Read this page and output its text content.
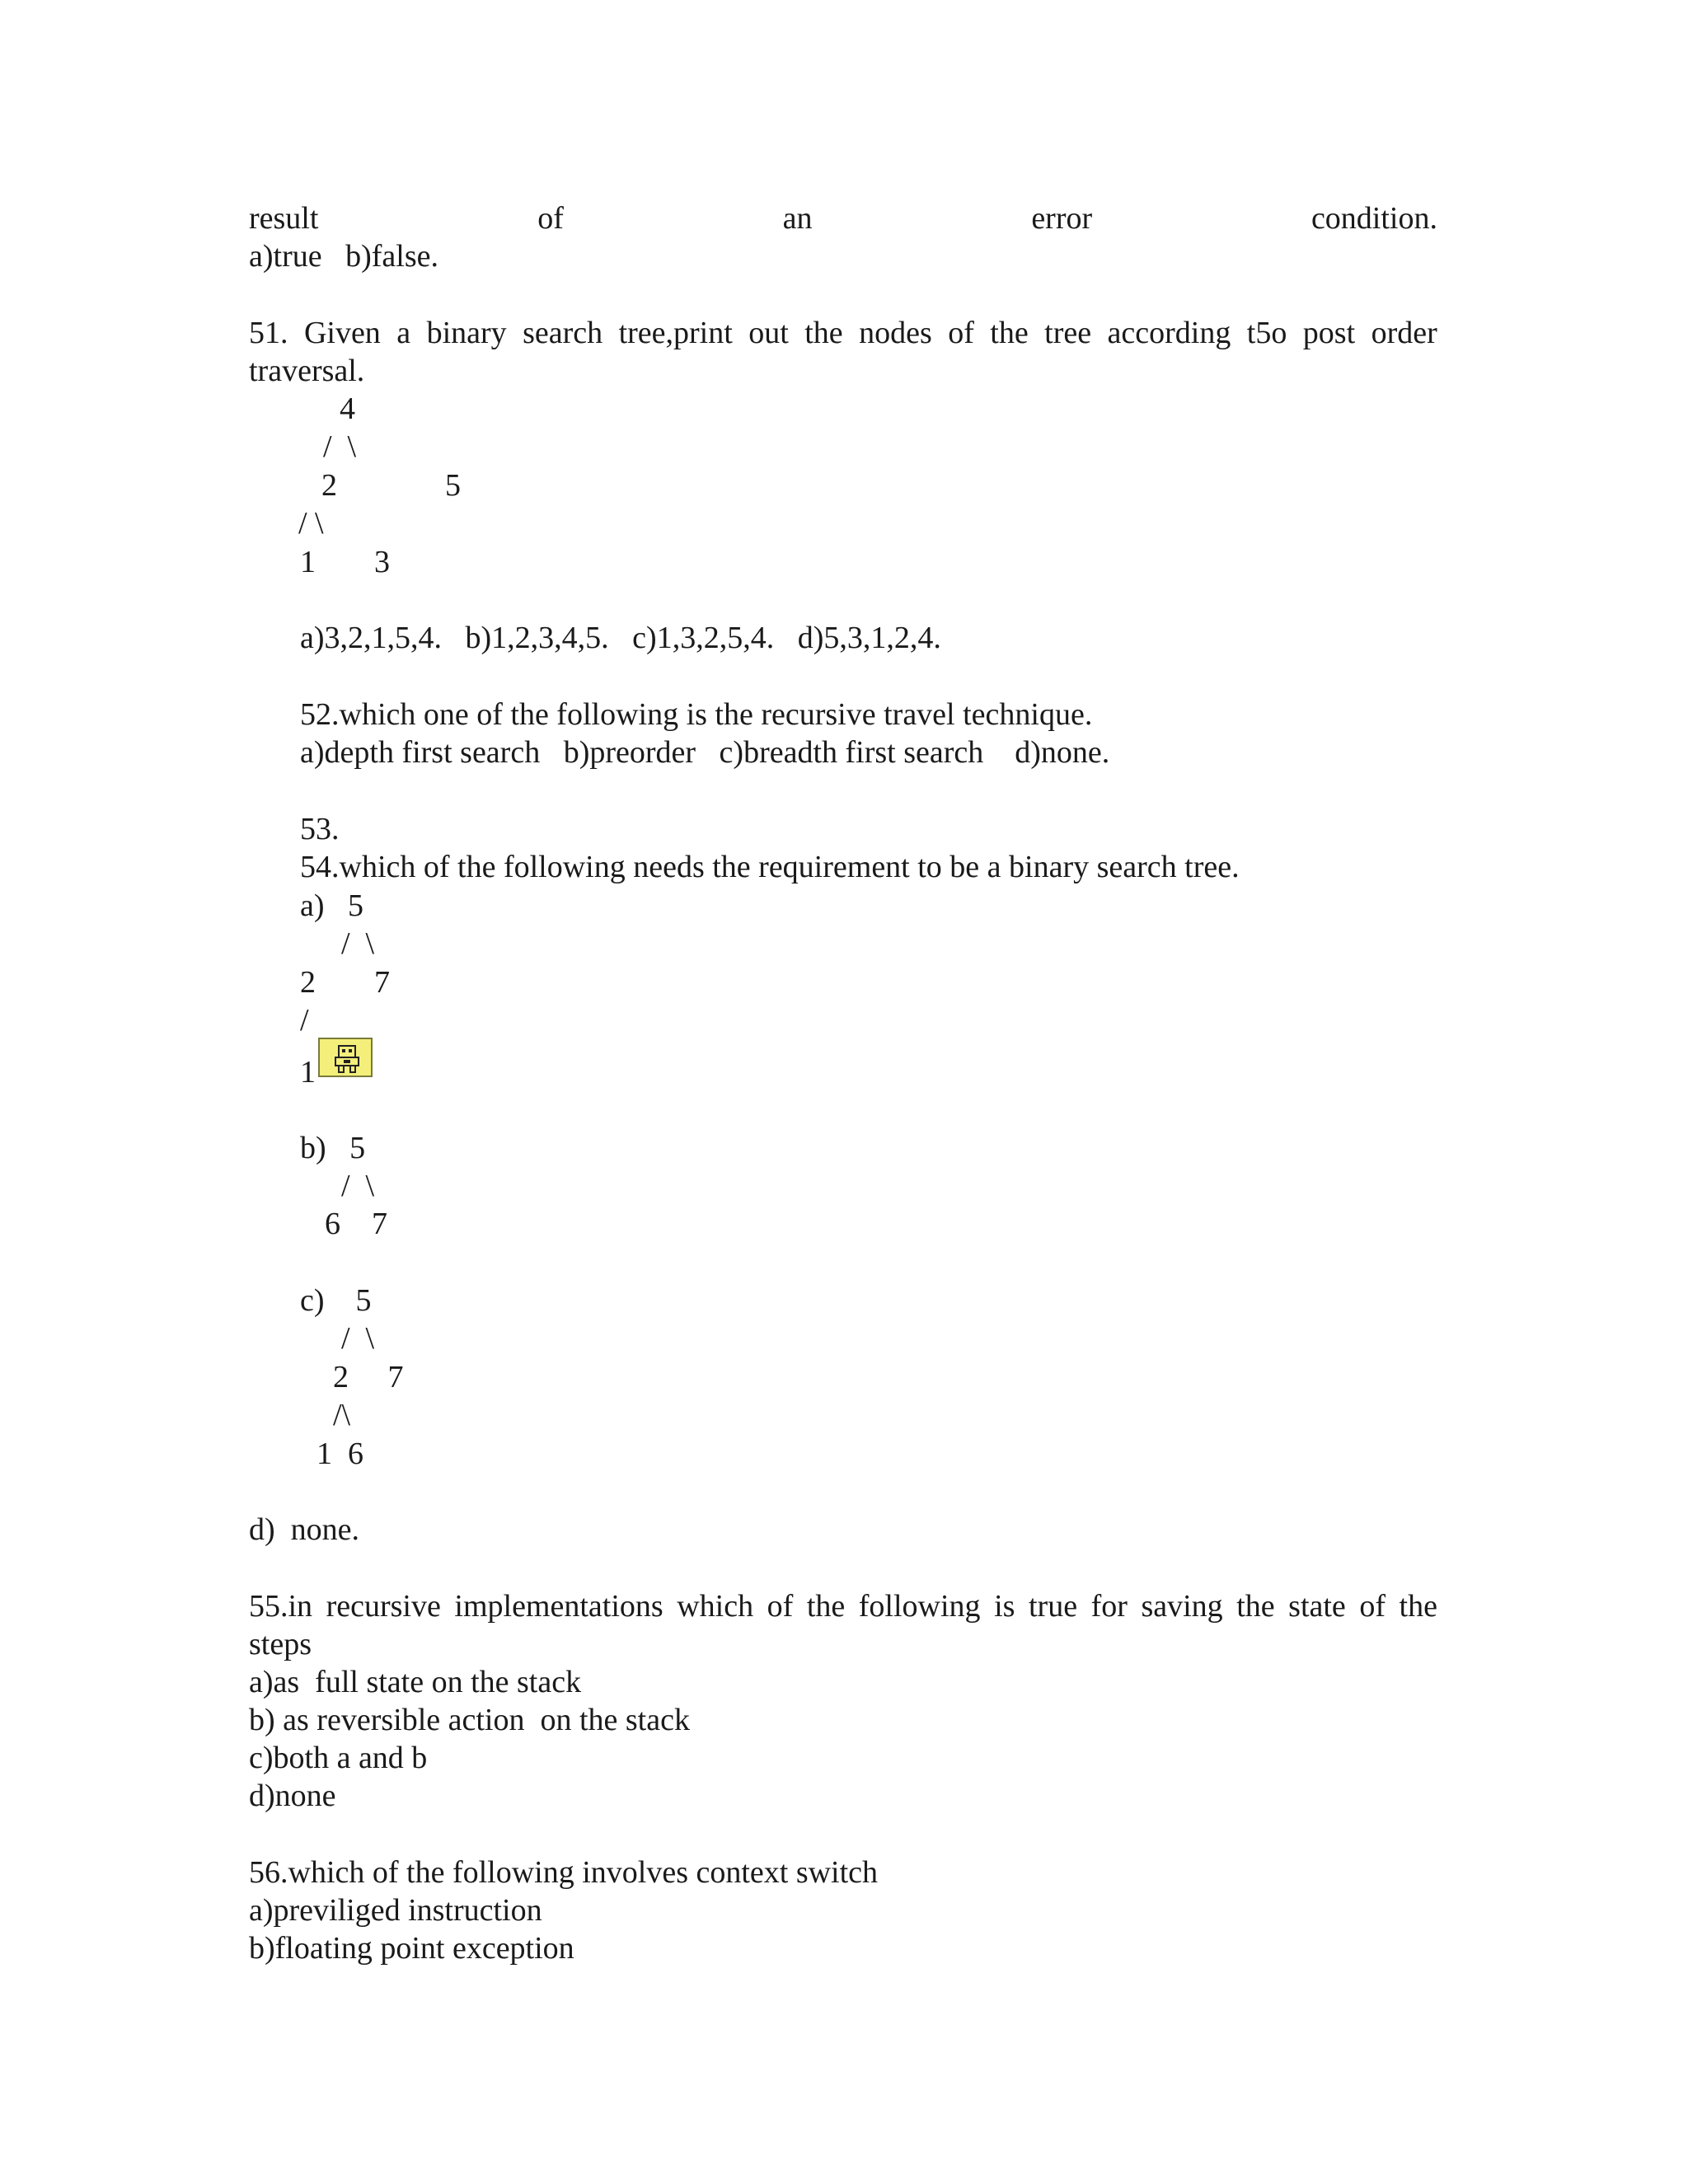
result	of	an	error	condition.
a)true   b)false.
51. Given a binary search tree,print out the nodes of the tree according t5o post order
traversal.
4
/  \
2	5
/ \
1 3
a)3,2,1,5,4.   b)1,2,3,4,5.   c)1,3,2,5,4.   d)5,3,1,2,4.
52.which one of the following is the recursive travel technique.
a)depth first search   b)preorder   c)breadth first search    d)none.
53.
54.which of the following needs the requirement to be a binary search tree.
a)   5
/  \
2 7
/
1
b)   5
/  \
6    7
c)    5
/  \
2     7
/\
1  6
d)  none.
55.in recursive implementations which of the following is true for saving the state of the
steps
a)as  full state on the stack
b) as reversible action  on the stack
c)both a and b
d)none
56.which of the following involves context switch
a)previliged instruction
b)floating point exception
